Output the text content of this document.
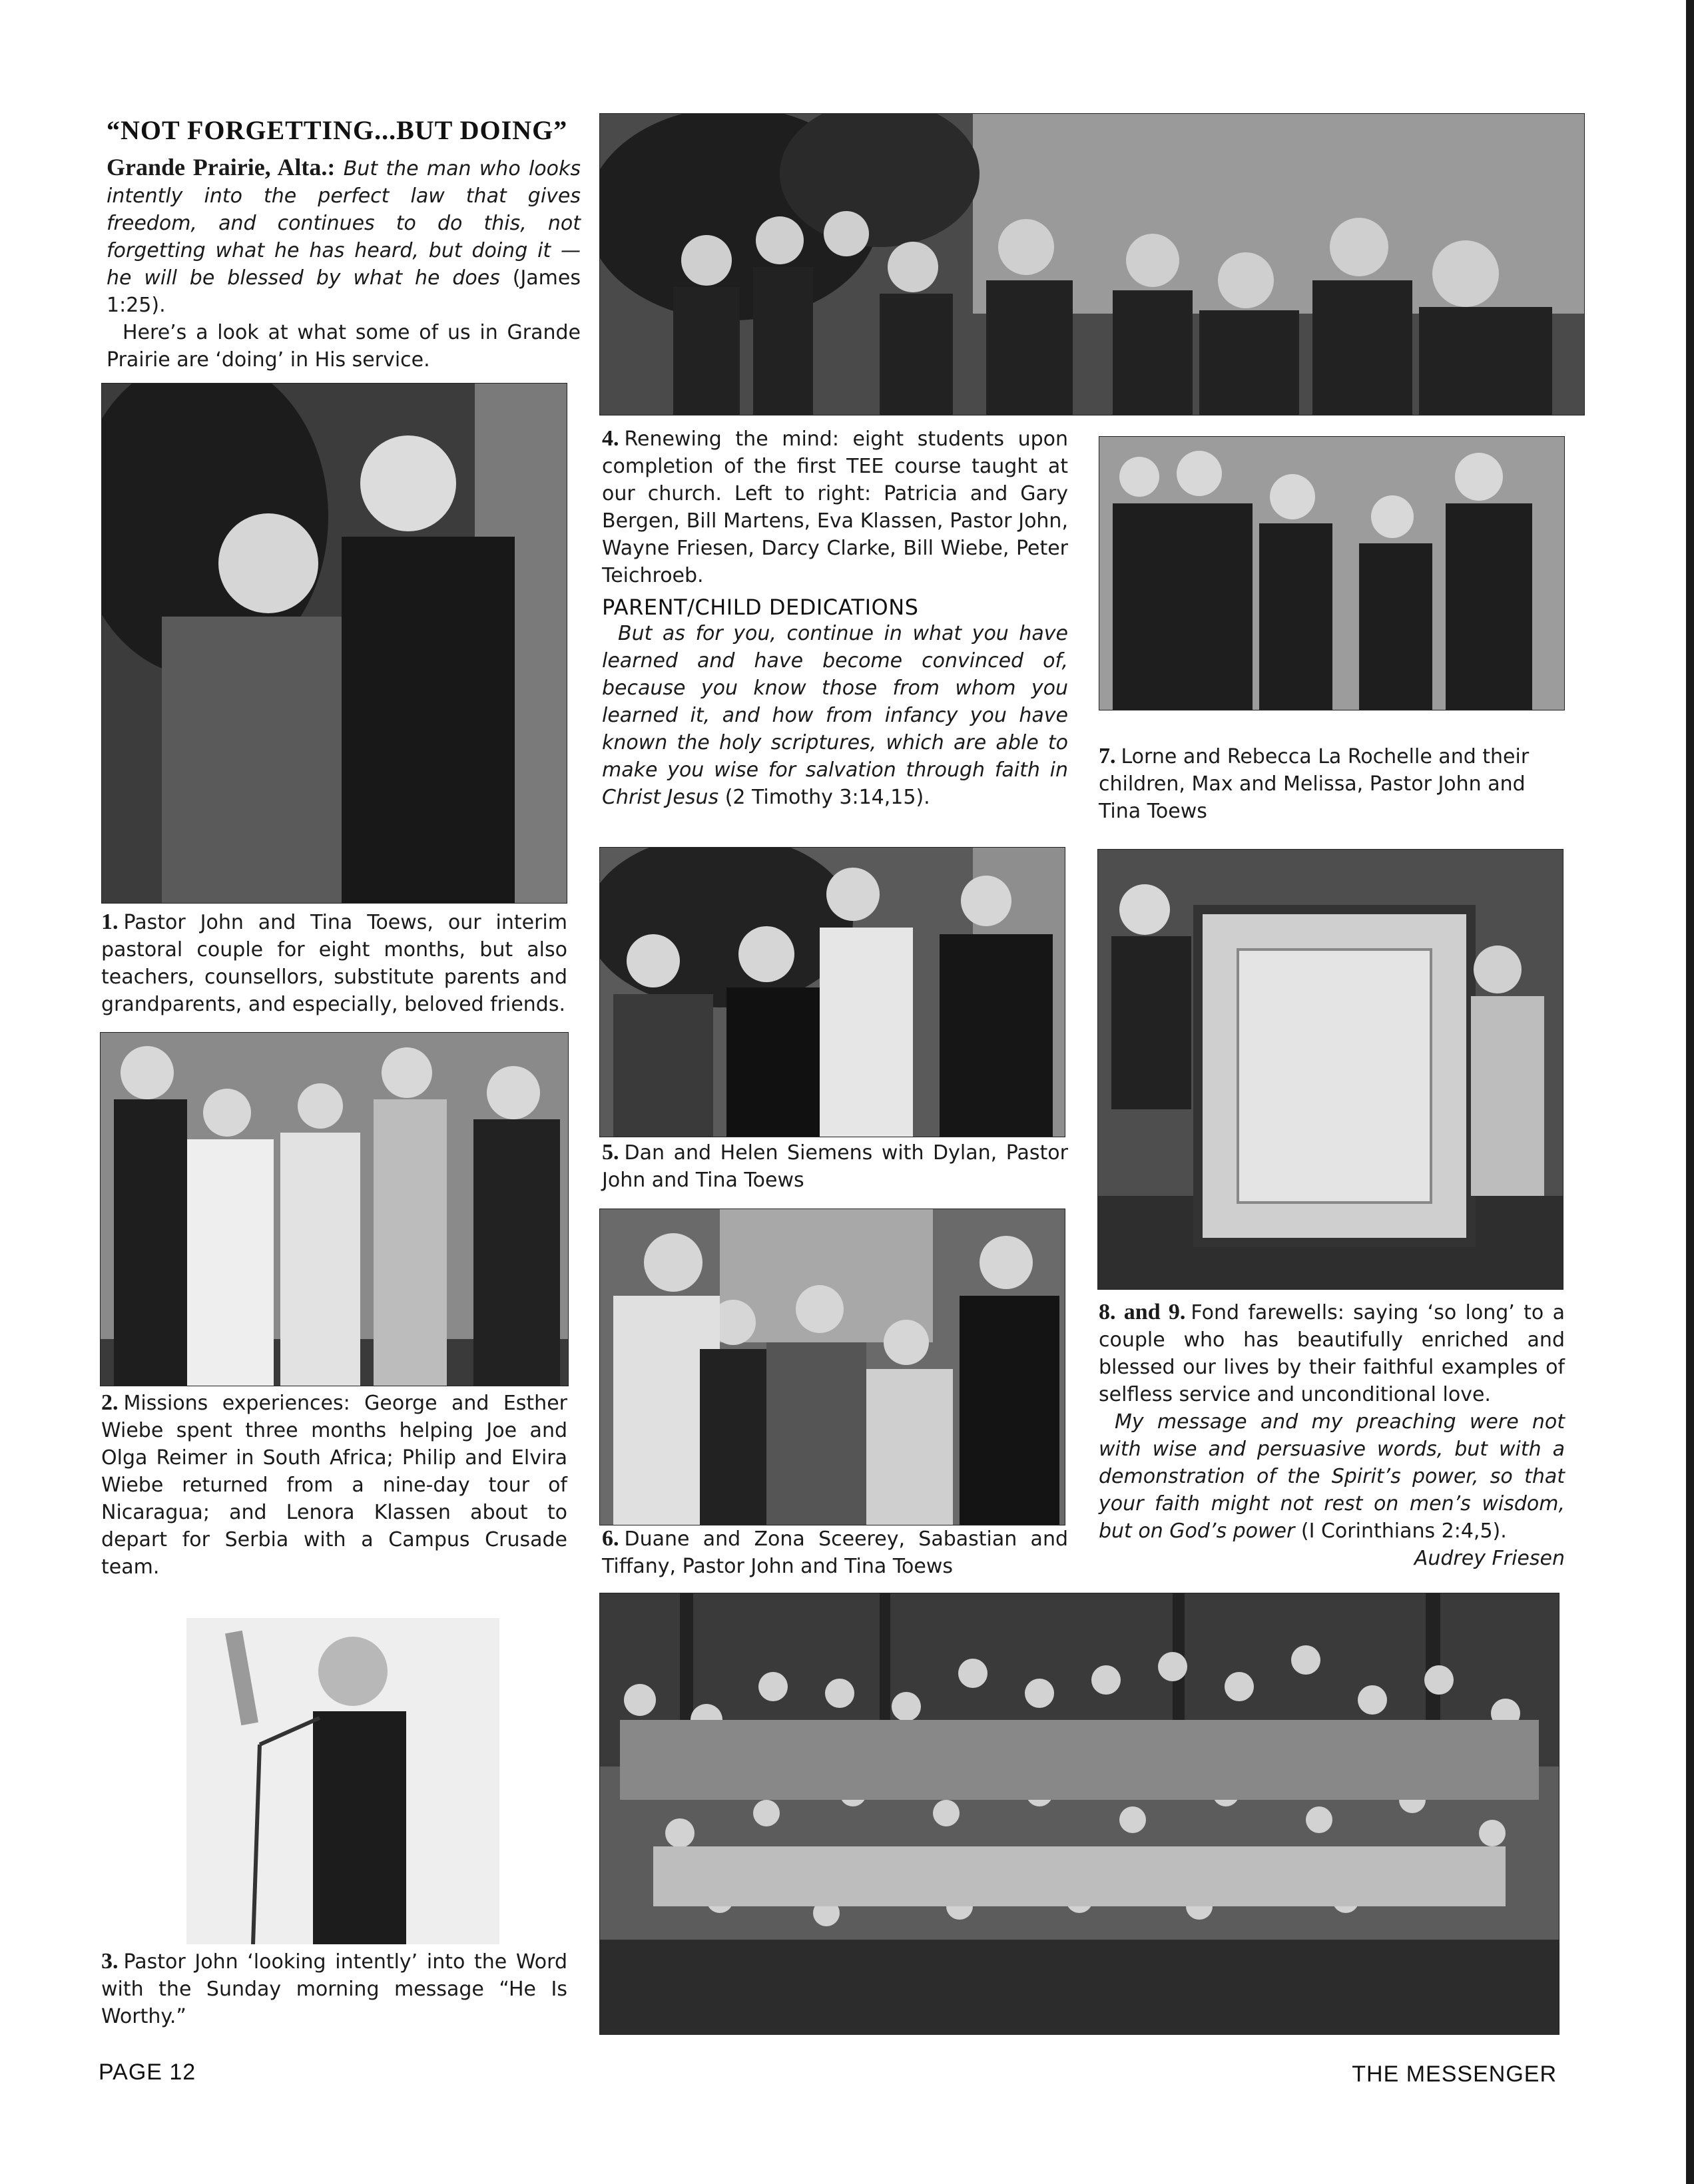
“NOT FORGETTING...BUT DOING”

Grande Prairie, Alta.: But the man who looks intently into the perfect law that gives freedom, and continues to do this, not forgetting what he has heard, but doing it — he will be blessed by what he does (James 1:25).

Here’s a look at what some of us in Grande Prairie are ‘doing’ in His service.

4. Renewing the mind: eight students upon completion of the first TEE course taught at our church. Left to right: Patricia and Gary Bergen, Bill Martens, Eva Klassen, Pastor John, Wayne Friesen, Darcy Clarke, Bill Wiebe, Peter Teichroeb.

PARENT/CHILD DEDICATIONS

But as for you, continue in what you have learned and have become convinced of, because you know those from whom you learned it, and how from infancy you have known the holy scriptures, which are able to make you wise for salvation through faith in Christ Jesus (2 Timothy 3:14,15).

7. Lorne and Rebecca La Rochelle and their children, Max and Melissa, Pastor John and Tina Toews

1. Pastor John and Tina Toews, our interim pastoral couple for eight months, but also teachers, counsellors, substitute parents and grandparents, and especially, beloved friends.

5. Dan and Helen Siemens with Dylan, Pastor John and Tina Toews

2. Missions experiences: George and Esther Wiebe spent three months helping Joe and Olga Reimer in South Africa; Philip and Elvira Wiebe returned from a nine-day tour of Nicaragua; and Lenora Klassen about to depart for Serbia with a Campus Crusade team.

8. and 9. Fond farewells: saying ‘so long’ to a couple who has beautifully enriched and blessed our lives by their faithful examples of selfless service and unconditional love.

My message and my preaching were not with wise and persuasive words, but with a demonstration of the Spirit’s power, so that your faith might not rest on men’s wisdom, but on God’s power (I Corinthians 2:4,5).

Audrey Friesen

6. Duane and Zona Sceerey, Sabastian and Tiffany, Pastor John and Tina Toews

3. Pastor John ‘looking intently’ into the Word with the Sunday morning message “He Is Worthy.”

PAGE 12	THE MESSENGER
